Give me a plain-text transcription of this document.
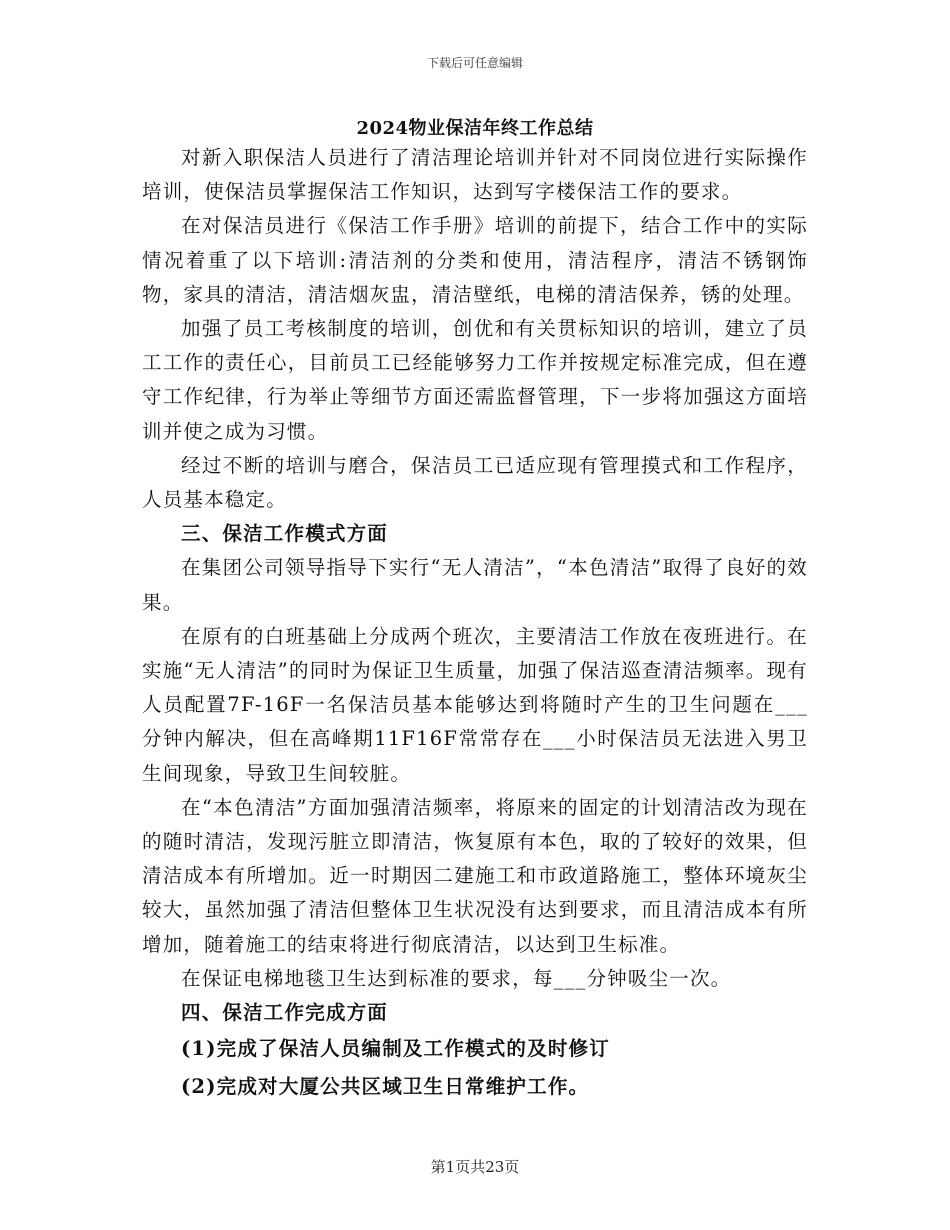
下载后可任意编辑
2024物业保洁年终工作总结

对新入职保洁人员进行了清洁理论培训并针对不同岗位进行实际操作培训，使保洁员掌握保洁工作知识，达到写字楼保洁工作的要求。

在对保洁员进行《保洁工作手册》培训的前提下，结合工作中的实际情况着重了以下培训:清洁剂的分类和使用，清洁程序，清洁不锈钢饰物，家具的清洁，清洁烟灰盅，清洁壁纸，电梯的清洁保养，锈的处理。

加强了员工考核制度的培训，创优和有关贯标知识的培训，建立了员工工作的责任心，目前员工已经能够努力工作并按规定标准完成，但在遵守工作纪律，行为举止等细节方面还需监督管理，下一步将加强这方面培训并使之成为习惯。

经过不断的培训与磨合，保洁员工已适应现有管理摸式和工作程序，人员基本稳定。

三、保洁工作模式方面

在集团公司领导指导下实行“无人清洁”，“本色清洁”取得了良好的效果。

在原有的白班基础上分成两个班次，主要清洁工作放在夜班进行。在实施“无人清洁”的同时为保证卫生质量，加强了保洁巡查清洁频率。现有人员配置7F-16F一名保洁员基本能够达到将随时产生的卫生问题在___分钟内解决，但在高峰期11F16F常常存在___小时保洁员无法进入男卫生间现象，导致卫生间较脏。

在“本色清洁”方面加强清洁频率，将原来的固定的计划清洁改为现在的随时清洁，发现污脏立即清洁，恢复原有本色，取的了较好的效果，但清洁成本有所增加。近一时期因二建施工和市政道路施工，整体环境灰尘较大，虽然加强了清洁但整体卫生状况没有达到要求，而且清洁成本有所增加，随着施工的结束将进行彻底清洁，以达到卫生标准。

在保证电梯地毯卫生达到标准的要求，每___分钟吸尘一次。

四、保洁工作完成方面

(1)完成了保洁人员编制及工作模式的及时修订

(2)完成对大厦公共区域卫生日常维护工作。

第1页共23页
